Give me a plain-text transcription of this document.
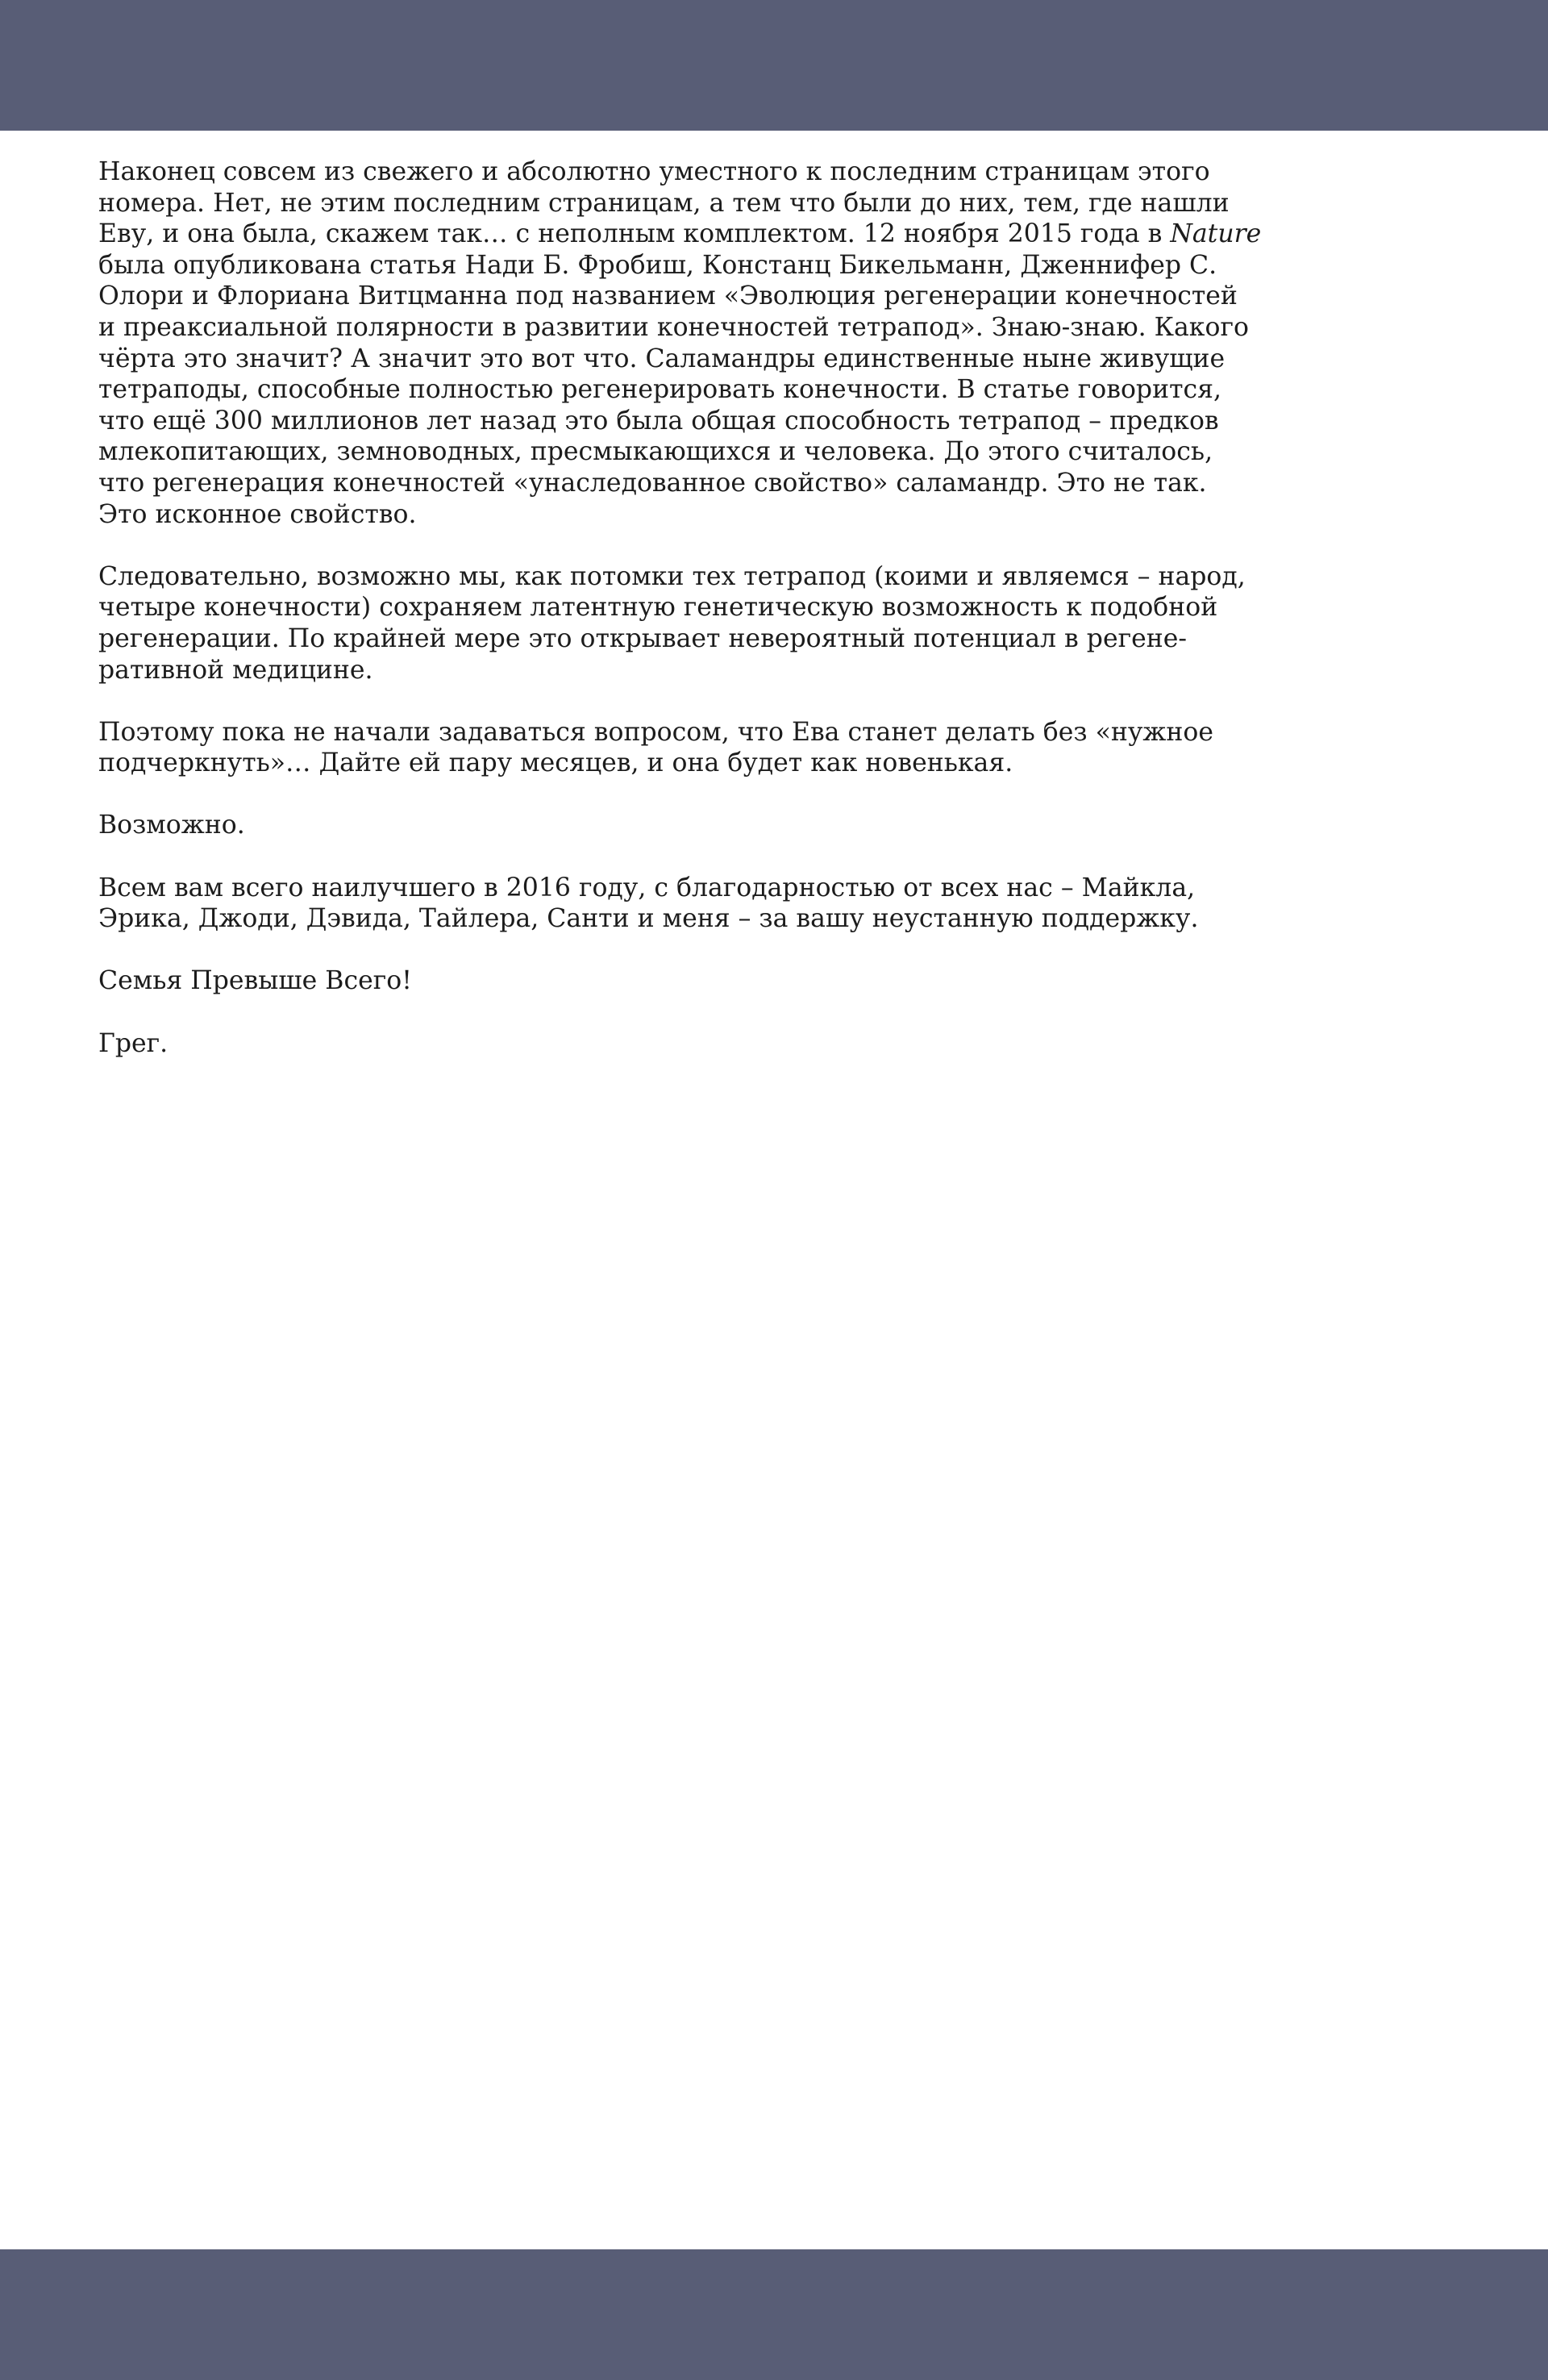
Наконец совсем из свежего и абсолютно уместного к последним страницам этого
номера. Нет, не этим последним страницам, а тем что были до них, тем, где нашли
Еву, и она была, скажем так… с неполным комплектом. 12 ноября 2015 года в Nature
была опубликована статья Нади Б. Фробиш, Констанц Бикельманн, Дженнифер С.
Олори и Флориана Витцманна под названием «Эволюция регенерации конечностей
и преаксиальной полярности в развитии конечностей тетрапод». Знаю-знаю. Какого
чёрта это значит? А значит это вот что. Саламандры единственные ныне живущие
тетраподы, способные полностью регенерировать конечности. В статье говорится,
что ещё 300 миллионов лет назад это была общая способность тетрапод – предков
млекопитающих, земноводных, пресмыкающихся и человека. До этого считалось,
что регенерация конечностей «унаследованное свойство» саламандр. Это не так.
Это исконное свойство.

Следовательно, возможно мы, как потомки тех тетрапод (коими и являемся – народ,
четыре конечности) сохраняем латентную генетическую возможность к подобной
регенерации. По крайней мере это открывает невероятный потенциал в регене-
ративной медицине.

Поэтому пока не начали задаваться вопросом, что Ева станет делать без «нужное
подчеркнуть»… Дайте ей пару месяцев, и она будет как новенькая.

Возможно.

Всем вам всего наилучшего в 2016 году, с благодарностью от всех нас – Майкла,
Эрика, Джоди, Дэвида, Тайлера, Санти и меня – за вашу неустанную поддержку.

Семья Превыше Всего!

Грег.
